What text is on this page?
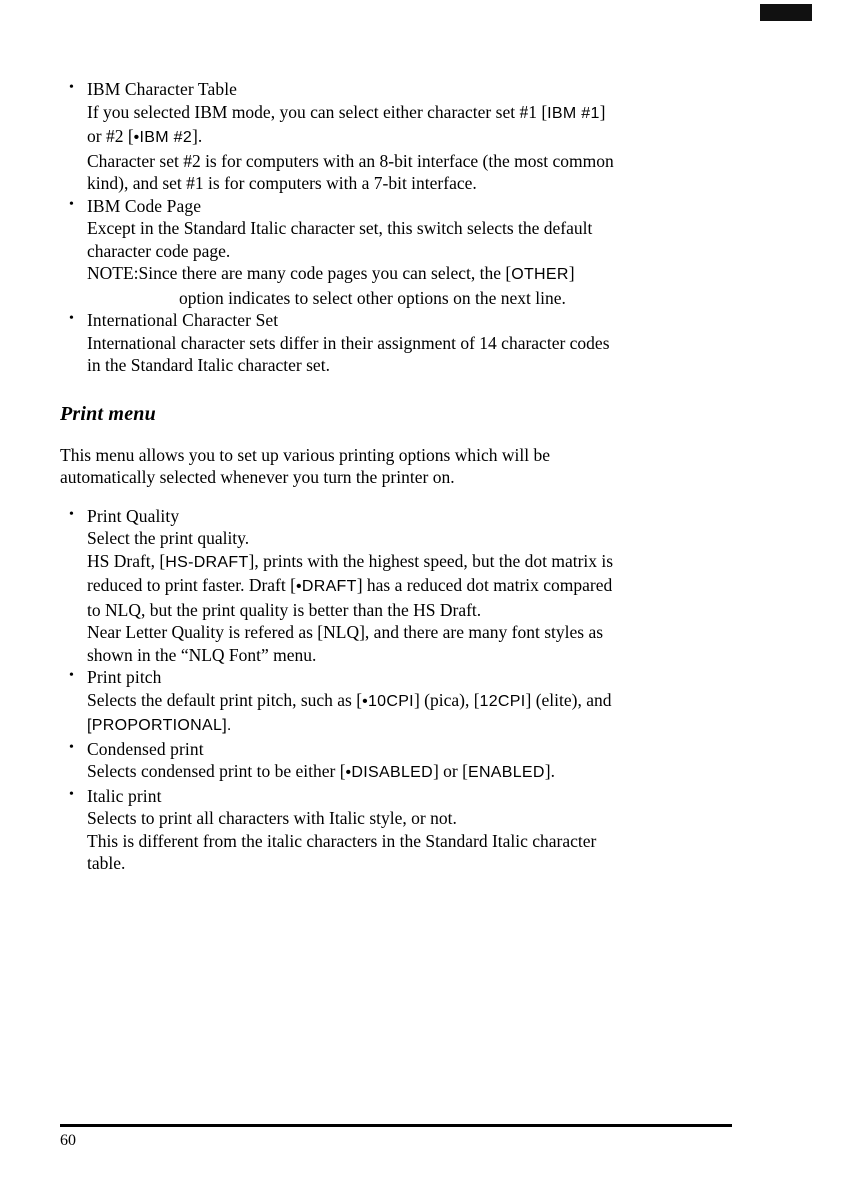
• IBM Character Table
If you selected IBM mode, you can select either character set #1 [IBM #1]
or #2 [•IBM #2].
Character set #2 is for computers with an 8-bit interface (the most common
kind), and set #1 is for computers with a 7-bit interface.
• IBM Code Page
Except in the Standard Italic character set, this switch selects the default
character code page.
NOTE:Since there are many code pages you can select, the [OTHER]
option indicates to select other options on the next line.
• International Character Set
International character sets differ in their assignment of 14 character codes
in the Standard Italic character set.
Print menu
This menu allows you to set up various printing options which will be
automatically selected whenever you turn the printer on.
• Print Quality
Select the print quality.
HS Draft, [HS-DRAFT], prints with the highest speed, but the dot matrix is
reduced to print faster. Draft [•DRAFT] has a reduced dot matrix compared
to NLQ, but the print quality is better than the HS Draft.
Near Letter Quality is refered as [NLQ], and there are many font styles as
shown in the “NLQ Font” menu.
• Print pitch
Selects the default print pitch, such as [•10CPI] (pica), [12CPI] (elite), and
[PROPORTIONAL].
• Condensed print
Selects condensed print to be either [•DISABLED] or [ENABLED].
• Italic print
Selects to print all characters with Italic style, or not.
This is different from the italic characters in the Standard Italic character
table.
60
